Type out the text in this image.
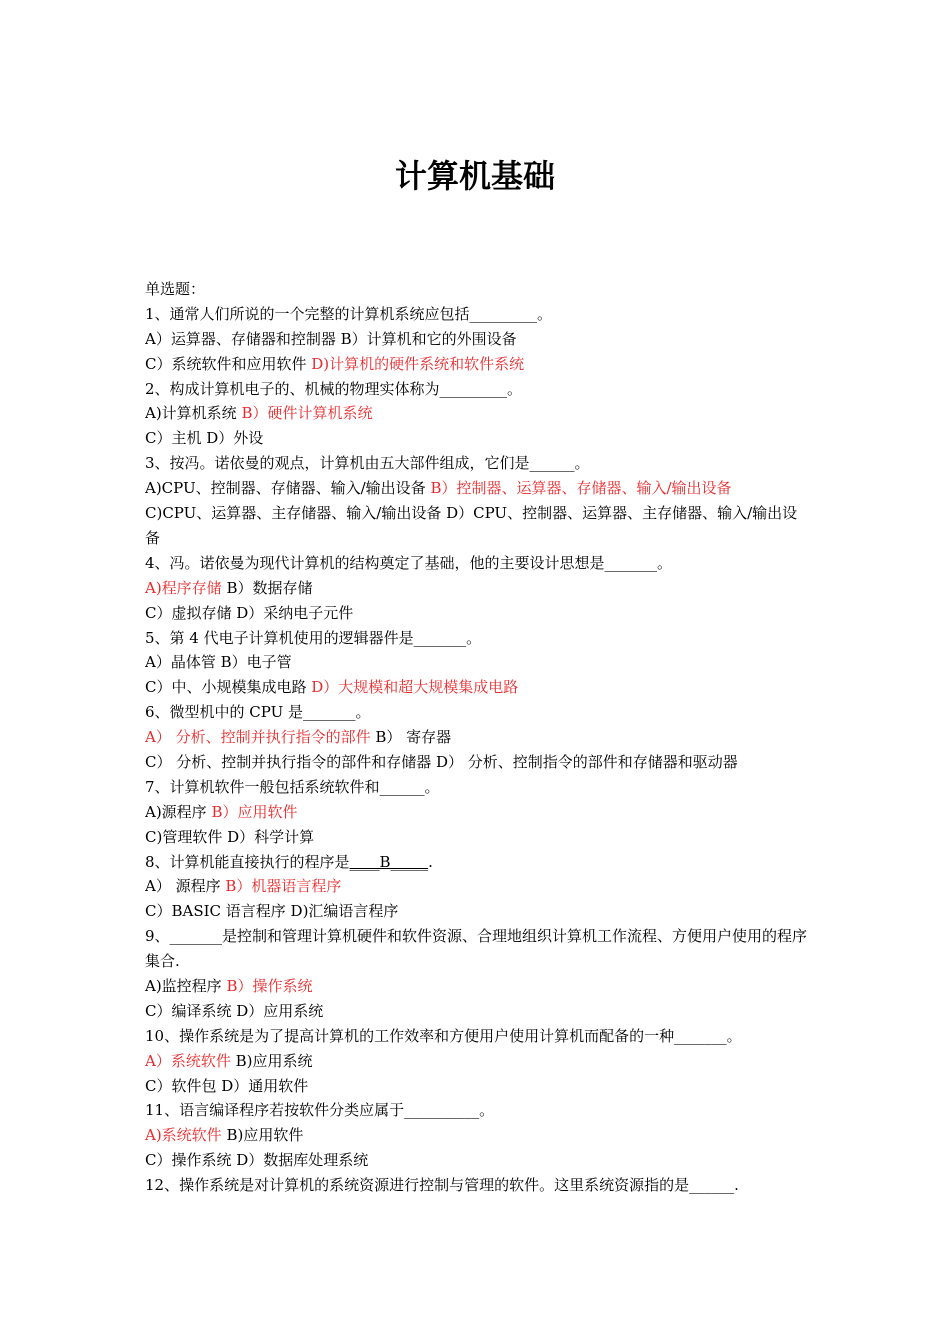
计算机基础
单选题：
1、通常人们所说的一个完整的计算机系统应包括_________。
A）运算器、存储器和控制器 B）计算机和它的外围设备
C）系统软件和应用软件 D)计算机的硬件系统和软件系统
2、构成计算机电子的、机械的物理实体称为_________。
A)计算机系统 B）硬件计算机系统
C）主机 D）外设
3、按冯。诺依曼的观点，计算机由五大部件组成，它们是______。
A)CPU、控制器、存储器、输入/输出设备 B）控制器、运算器、存储器、输入/输出设备
C)CPU、运算器、主存储器、输入/输出设备 D）CPU、控制器、运算器、主存储器、输入/输出设备
4、冯。诺依曼为现代计算机的结构奠定了基础，他的主要设计思想是_______。
A)程序存储 B）数据存储
C）虚拟存储 D）采纳电子元件
5、第 4 代电子计算机使用的逻辑器件是_______。
A）晶体管 B）电子管
C）中、小规模集成电路 D）大规模和超大规模集成电路
6、微型机中的 CPU 是_______。
A） 分析、控制并执行指令的部件 B） 寄存器
C） 分析、控制并执行指令的部件和存储器 D） 分析、控制指令的部件和存储器和驱动器
7、计算机软件一般包括系统软件和______。
A)源程序 B）应用软件
C)管理软件 D）科学计算
8、计算机能直接执行的程序是____B_____.
A） 源程序 B）机器语言程序
C）BASIC 语言程序 D)汇编语言程序
9、_______是控制和管理计算机硬件和软件资源、合理地组织计算机工作流程、方便用户使用的程序集合.
A)监控程序 B）操作系统
C）编译系统 D）应用系统
10、操作系统是为了提高计算机的工作效率和方便用户使用计算机而配备的一种_______。
A）系统软件 B)应用系统
C）软件包 D）通用软件
11、语言编译程序若按软件分类应属于__________。
A)系统软件 B)应用软件
C）操作系统 D）数据库处理系统
12、操作系统是对计算机的系统资源进行控制与管理的软件。这里系统资源指的是______.
